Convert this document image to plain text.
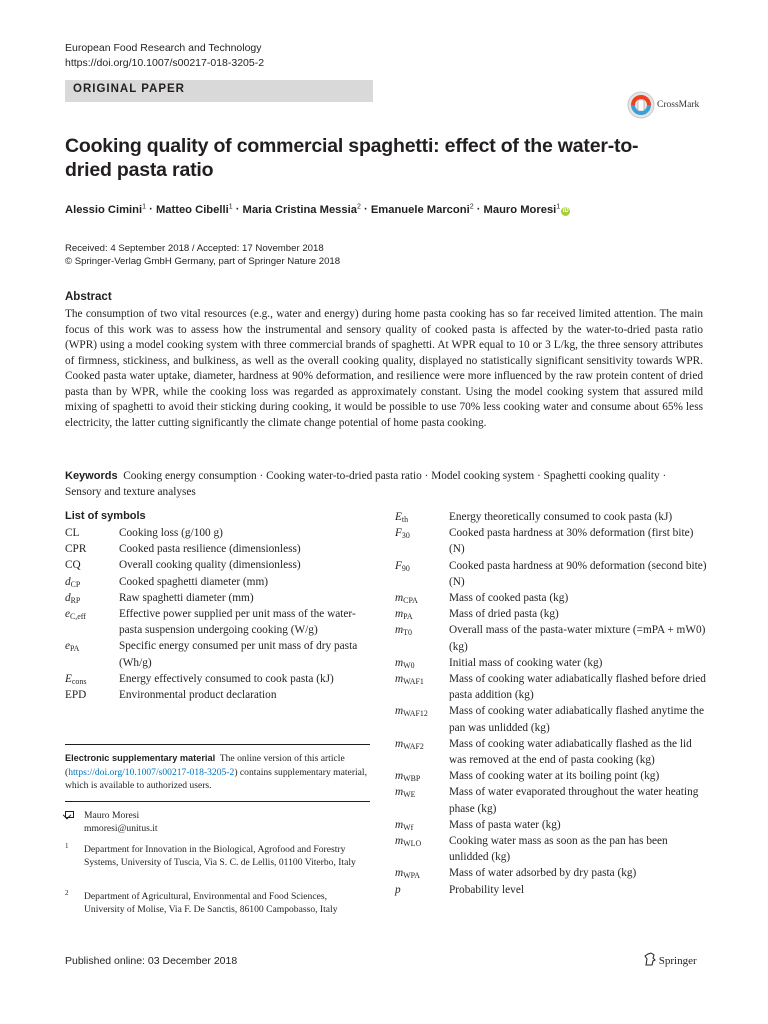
European Food Research and Technology
https://doi.org/10.1007/s00217-018-3205-2
ORIGINAL PAPER
CrossMark
Cooking quality of commercial spaghetti: effect of the water-to-dried pasta ratio
Alessio Cimini$^1$ · Matteo Cibelli$^1$ · Maria Cristina Messia$^2$ · Emanuele Marconi$^2$ · Mauro Moresi$^1$iD
Received: 4 September 2018 / Accepted: 17 November 2018
© Springer-Verlag GmbH Germany, part of Springer Nature 2018
Abstract
The consumption of two vital resources (e.g., water and energy) during home pasta cooking has so far received limited attention. The main focus of this work was to assess how the instrumental and sensory quality of cooked pasta is affected by the water-to-dried pasta ratio (WPR) using a model cooking system with three commercial brands of spaghetti. At WPR equal to 10 or 3 L/kg, the three sensory attributes of firmness, stickiness, and bulkiness, as well as the overall cooking quality, displayed no statistically significant sensitivity towards WPR. Cooked pasta water uptake, diameter, hardness at 90% deformation, and resilience were more influenced by the raw protein content of dried pasta than by WPR, while the cooking loss was regarded as approximately constant. Using the model cooking system that assured mild mixing of spaghetti to avoid their sticking during cooking, it would be possible to use 70% less cooking water and consume about 65% less electricity, the latter cutting significantly the climate change potential of home pasta cooking.
Keywords Cooking energy consumption · Cooking water-to-dried pasta ratio · Model cooking system · Spaghetti cooking quality · Sensory and texture analyses
List of symbols
CL	Cooking loss (g/100 g)
CPR	Cooked pasta resilience (dimensionless)
CQ	Overall cooking quality (dimensionless)
$d_{CP}$	Cooked spaghetti diameter (mm)
$d_{RP}$	Raw spaghetti diameter (mm)
$e_{C,eff}$	Effective power supplied per unit mass of the water-pasta suspension undergoing cooking (W/g)
$e_{PA}$	Specific energy consumed per unit mass of dry pasta (Wh/g)
$E_{cons}$	Energy effectively consumed to cook pasta (kJ)
EPD	Environmental product declaration
$E_{th}$	Energy theoretically consumed to cook pasta (kJ)
$F_{30}$	Cooked pasta hardness at 30% deformation (first bite) (N)
$F_{90}$	Cooked pasta hardness at 90% deformation (second bite) (N)
$m_{CPA}$	Mass of cooked pasta (kg)
$m_{PA}$	Mass of dried pasta (kg)
$m_{T0}$	Overall mass of the pasta-water mixture (=mPA + mW0) (kg)
$m_{W0}$	Initial mass of cooking water (kg)
$m_{WAF1}$	Mass of cooking water adiabatically flashed before dried pasta addition (kg)
$m_{WAF12}$	Mass of cooking water adiabatically flashed anytime the pan was unlidded (kg)
$m_{WAF2}$	Mass of cooking water adiabatically flashed as the lid was removed at the end of pasta cooking (kg)
$m_{WBP}$	Mass of cooking water at its boiling point (kg)
$m_{WE}$	Mass of water evaporated throughout the water heating phase (kg)
$m_{Wf}$	Mass of pasta water (kg)
$m_{WLO}$	Cooking water mass as soon as the pan has been unlidded (kg)
$m_{WPA}$	Mass of water adsorbed by dry pasta (kg)
p	Probability level
Electronic supplementary material The online version of this article (https://doi.org/10.1007/s00217-018-3205-2) contains supplementary material, which is available to authorized users.
Mauro Moresi
mmoresi@unitus.it
1 Department for Innovation in the Biological, Agrofood and Forestry Systems, University of Tuscia, Via S. C. de Lellis, 01100 Viterbo, Italy
2 Department of Agricultural, Environmental and Food Sciences, University of Molise, Via F. De Sanctis, 86100 Campobasso, Italy
Published online: 03 December 2018	Springer
